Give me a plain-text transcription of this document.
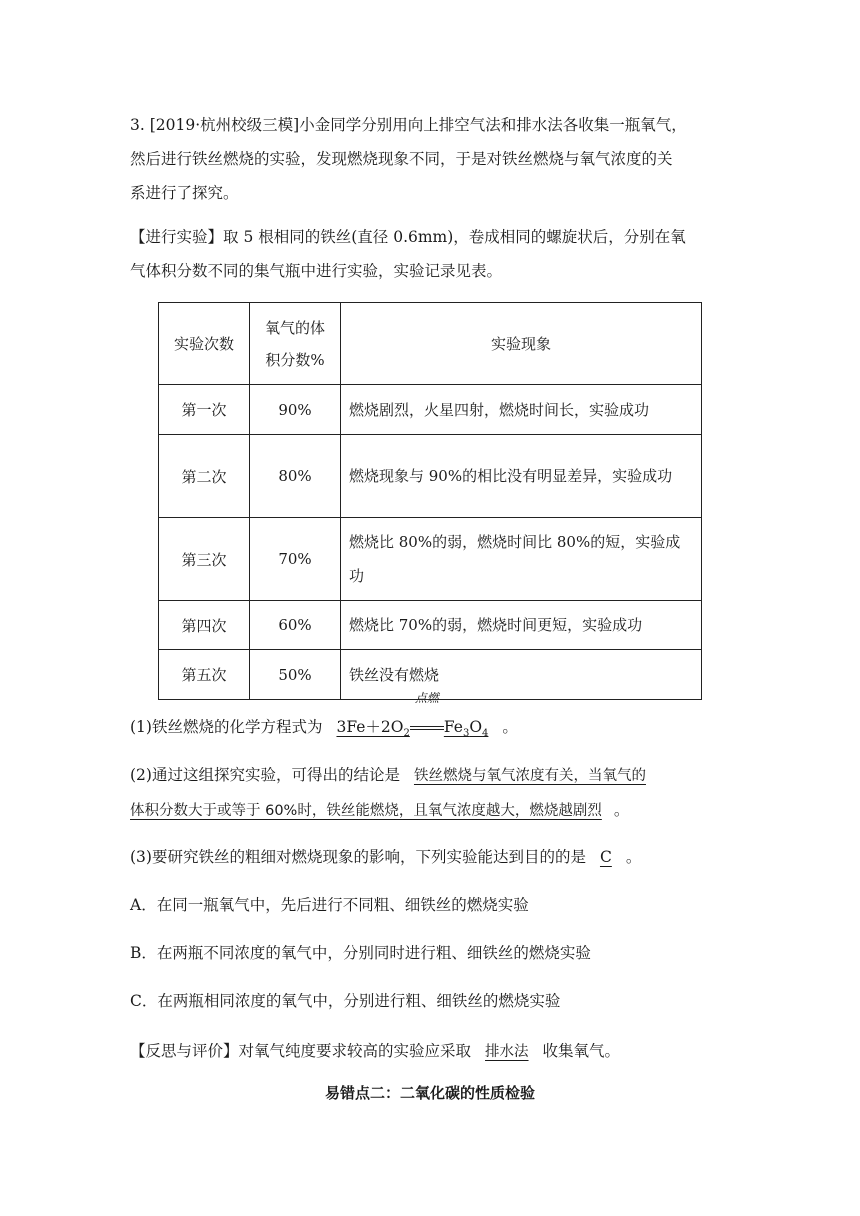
3. [2019·杭州校级三模]小金同学分别用向上排空气法和排水法各收集一瓶氧气，
然后进行铁丝燃烧的实验，发现燃烧现象不同，于是对铁丝燃烧与氧气浓度的关
系进行了探究。

【进行实验】取 5 根相同的铁丝(直径 0.6mm)，卷成相同的螺旋状后，分别在氧
气体积分数不同的集气瓶中进行实验，实验记录见表。

实验次数	氧气的体积分数%	实验现象
第一次	90%	燃烧剧烈，火星四射，燃烧时间长，实验成功
第二次	80%	燃烧现象与 90%的相比没有明显差异，实验成功
第三次	70%	燃烧比 80%的弱，燃烧时间比 80%的短，实验成功
第四次	60%	燃烧比 70%的弱，燃烧时间更短，实验成功
第五次	50%	铁丝没有燃烧

(1)铁丝燃烧的化学方程式为 $3Fe+2O_2$
点燃
$Fe_3O_4$ 。

(2)通过这组探究实验，可得出的结论是 铁丝燃烧与氧气浓度有关，当氧气的
体积分数大于或等于 60%时，铁丝能燃烧，且氧气浓度越大，燃烧越剧烈 。

(3)要研究铁丝的粗细对燃烧现象的影响，下列实验能达到目的的是 C 。

A．在同一瓶氧气中，先后进行不同粗、细铁丝的燃烧实验

B．在两瓶不同浓度的氧气中，分别同时进行粗、细铁丝的燃烧实验

C．在两瓶相同浓度的氧气中，分别进行粗、细铁丝的燃烧实验

【反思与评价】对氧气纯度要求较高的实验应采取 排水法 收集氧气。

易错点二：二氧化碳的性质检验
